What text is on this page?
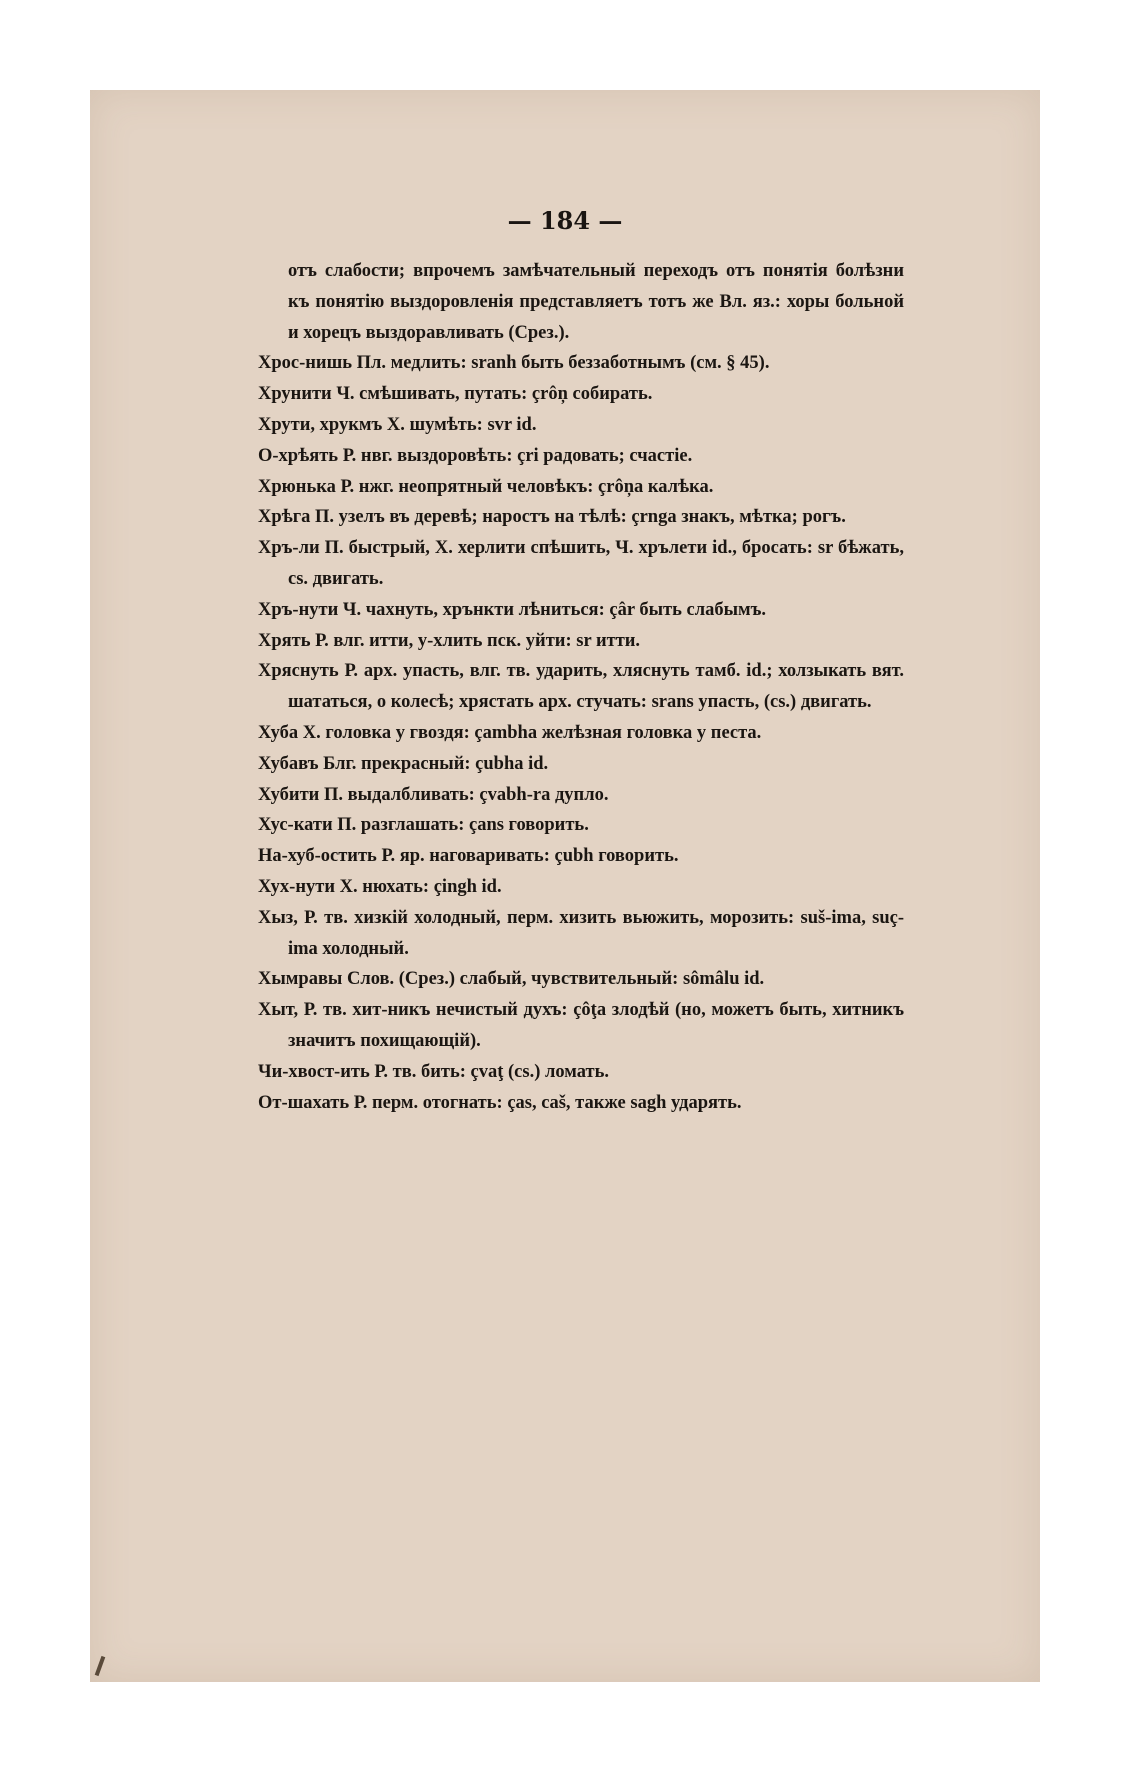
— 184 —

отъ слабости; впрочемъ замѣчательный переходъ отъ понятія болѣзни къ понятію выздоровленія представляетъ тотъ же Вл. яз.: хоры больной и хорецъ выздоравливать (Срез.).

Хрос-нишь Пл. медлить: sranh быть беззаботнымъ (см. § 45).

Хрунити Ч. смѣшивать, путать: çrôņ собирать.

Хрути, хрукмъ Х. шумѣть: svr id.

О-хрѣять Р. нвг. выздоровѣть: çri радовать; счастіе.

Хрюнька Р. нжг. неопрятный человѣкъ: çrôņa калѣка.

Хрѣга П. узелъ въ деревѣ; наростъ на тѣлѣ: çrnga знакъ, мѣтка; рогъ.

Хръ-ли П. быстрый, Х. херлити спѣшить, Ч. хрълети id., бросать: sr бѣжать, cs. двигать.

Хръ-нути Ч. чахнуть, хрънкти лѣниться: çâr быть слабымъ.

Хрять Р. влг. итти, у-хлить пск. уйти: sr итти.

Хряснуть Р. арх. упасть, влг. тв. ударить, хляснуть тамб. id.; холзыкать вят. шататься, о колесѣ; хрястать арх. стучать: srans упасть, (cs.) двигать.

Хуба Х. головка у гвоздя: çambha желѣзная головка у песта.

Хубавъ Блг. прекрасный: çubha id.

Хубити П. выдалбливать: çvabh-ra дупло.

Хус-кати П. разглашать: çans говорить.

На-хуб-остить Р. яр. наговаривать: çubh говорить.

Хух-нути Х. нюхать: çingh id.

Хыз, Р. тв. хизкій холодный, перм. хизить вьюжить, морозить: suš-ima, suç-ima холодный.

Хымравы Слов. (Срез.) слабый, чувствительный: sômâlu id.

Хыт, Р. тв. хит-никъ нечистый духъ: çôţa злодѣй (но, можетъ быть, хитникъ значитъ похищающій).

Чи-хвост-ить Р. тв. бить: çvaţ (cs.) ломать.

От-шахать Р. перм. отогнать: ças, caš, также sagh ударять.
